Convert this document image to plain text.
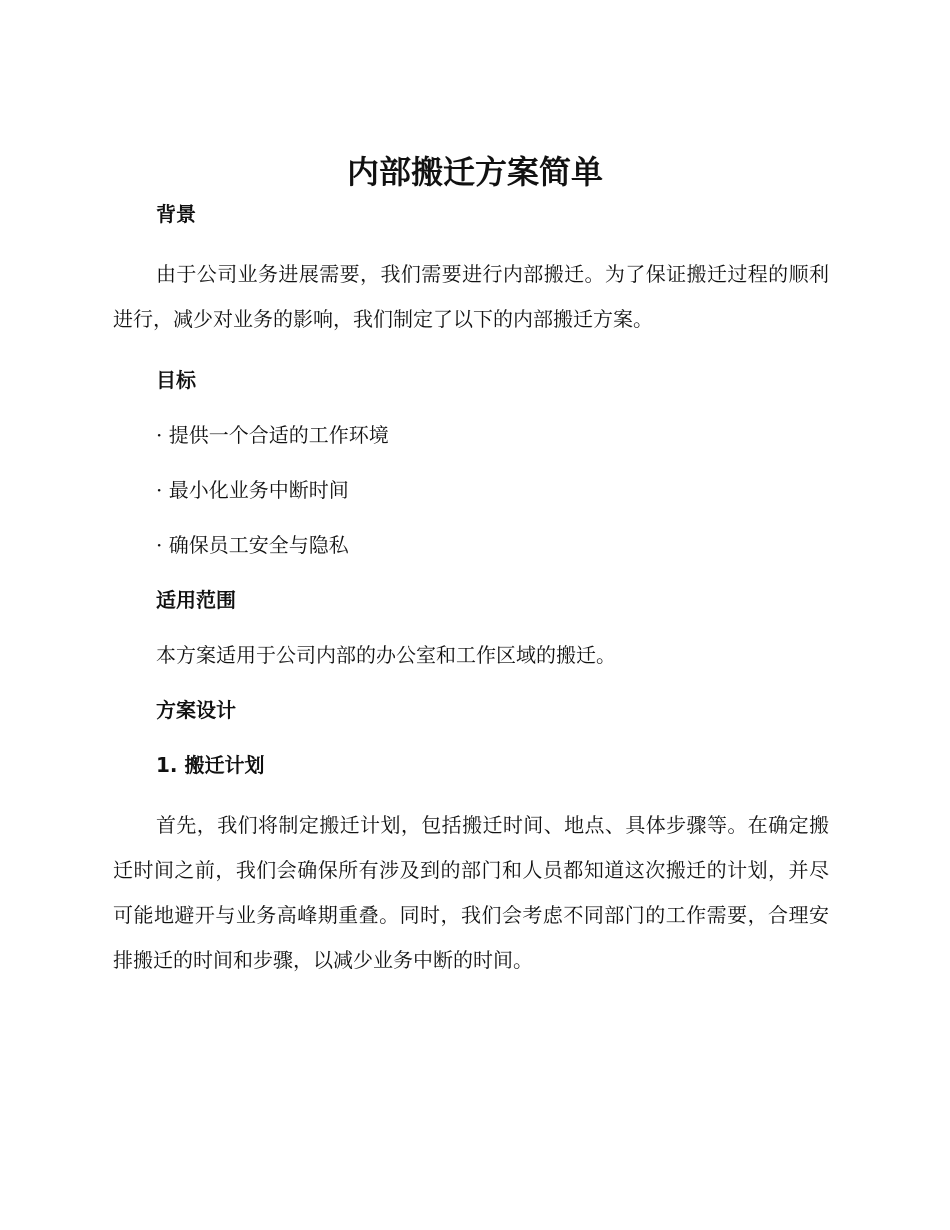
内部搬迁方案简单
背景

由于公司业务进展需要，我们需要进行内部搬迁。为了保证搬迁过程的顺利进行，减少对业务的影响，我们制定了以下的内部搬迁方案。

目标
· 提供一个合适的工作环境
· 最小化业务中断时间
· 确保员工安全与隐私
适用范围
本方案适用于公司内部的办公室和工作区域的搬迁。
方案设计
1. 搬迁计划

首先，我们将制定搬迁计划，包括搬迁时间、地点、具体步骤等。在确定搬迁时间之前，我们会确保所有涉及到的部门和人员都知道这次搬迁的计划，并尽可能地避开与业务高峰期重叠。同时，我们会考虑不同部门的工作需要，合理安排搬迁的时间和步骤，以减少业务中断的时间。
